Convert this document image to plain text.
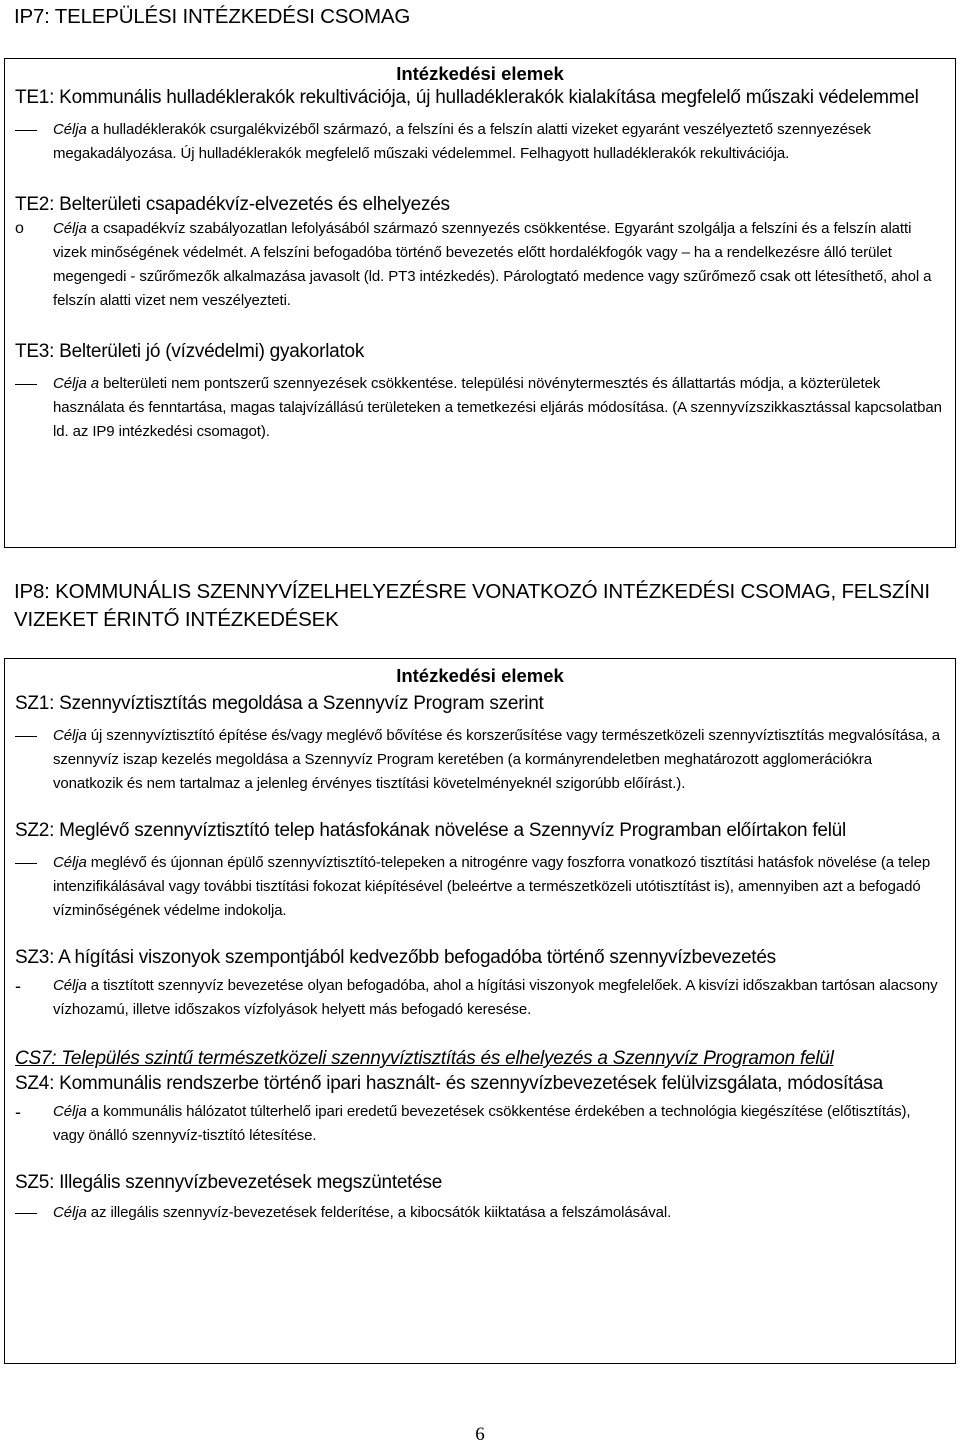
IP7: TELEPÜLÉSI INTÉZKEDÉSI CSOMAG

Intézkedési elemek

TE1: Kommunális hulladéklerakók rekultivációja, új hulladéklerakók kialakítása megfelelő műszaki védelemmel

Célja a hulladéklerakók csurgalékvizéből származó, a felszíni és a felszín alatti vizeket egyaránt veszélyeztető szennyezések megakadályozása. Új hulladéklerakók megfelelő műszaki védelemmel. Felhagyott hulladéklerakók rekultivációja.

TE2: Belterületi csapadékvíz-elvezetés és elhelyezés

o	Célja a csapadékvíz szabályozatlan lefolyásából származó szennyezés csökkentése. Egyaránt szolgálja a felszíni és a felszín alatti vizek minőségének védelmét. A felszíni befogadóba történő bevezetés előtt hordalékfogók vagy – ha a rendelkezésre álló terület megengedi - szűrőmezők alkalmazása javasolt (ld. PT3 intézkedés). Párologtató medence vagy szűrőmező csak ott létesíthető, ahol a felszín alatti vizet nem veszélyezteti.

TE3: Belterületi jó (vízvédelmi) gyakorlatok

Célja a belterületi nem pontszerű szennyezések csökkentése. települési növénytermesztés és állattartás módja, a közterületek használata és fenntartása, magas talajvízállású területeken a temetkezési eljárás módosítása. (A szennyvízszikkasztással kapcsolatban ld. az IP9 intézkedési csomagot).
IP8: KOMMUNÁLIS SZENNYVÍZELHELYEZÉSRE VONATKOZÓ INTÉZKEDÉSI CSOMAG, FELSZÍNI VIZEKET ÉRINTŐ INTÉZKEDÉSEK

Intézkedési elemek

SZ1: Szennyvíztisztítás megoldása a Szennyvíz Program szerint

Célja új szennyvíztisztító építése és/vagy meglévő bővítése és korszerűsítése vagy természetközeli szennyvíztisztítás megvalósítása, a szennyvíz iszap kezelés megoldása a Szennyvíz Program keretében (a kormányrendeletben meghatározott agglomerációkra vonatkozik és nem tartalmaz a jelenleg érvényes tisztítási követelményeknél szigorúbb előírást.).

SZ2: Meglévő szennyvíztisztító telep hatásfokának növelése a Szennyvíz Programban előírtakon felül

Célja meglévő és újonnan épülő szennyvíztisztító-telepeken a nitrogénre vagy foszforra vonatkozó tisztítási hatásfok növelése (a telep intenzifikálásával vagy további tisztítási fokozat kiépítésével (beleértve a természetközeli utótisztítást is), amennyiben azt a befogadó vízminőségének védelme indokolja.

SZ3: A hígítási viszonyok szempontjából kedvezőbb befogadóba történő szennyvízbevezetés

-	Célja a tisztított szennyvíz bevezetése olyan befogadóba, ahol a hígítási viszonyok megfelelőek. A kisvízi időszakban tartósan alacsony vízhozamú, illetve időszakos vízfolyások helyett más befogadó keresése.

CS7: Település szintű természetközeli szennyvíztisztítás és elhelyezés a Szennyvíz Programon felül

SZ4: Kommunális rendszerbe történő ipari használt- és szennyvízbevezetések felülvizsgálata, módosítása

-	Célja a kommunális hálózatot túlterhelő ipari eredetű bevezetések csökkentése érdekében a technológia kiegészítése (előtisztítás), vagy önálló szennyvíz-tisztító létesítése.

SZ5: Illegális szennyvízbevezetések megszüntetése

Célja az illegális szennyvíz-bevezetések felderítése, a kibocsátók kiiktatása a felszámolásával.
6
